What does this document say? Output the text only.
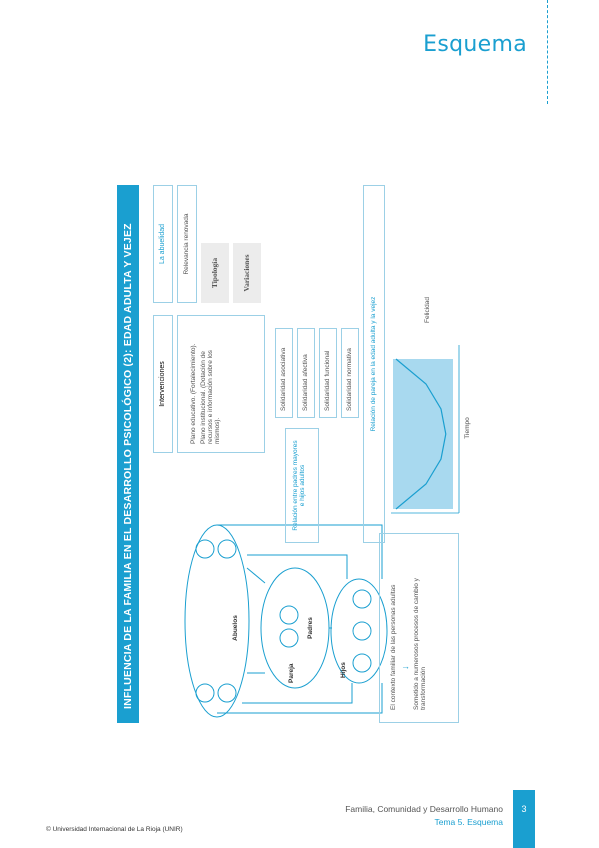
Esquema
INFLUENCIA DE LA FAMILIA EN EL DESARROLLO PSICOLÓGICO (2): EDAD ADULTA Y VEJEZ	Abuelos	Padres
Pareja	Hijos	El contexto familiar de las personas adultas ↓ Sometido a numerosos procesos de cambio y transformación
Intervenciones	Plano educativo. (Fortalecimiento). Plano institucional. (Dotación de recursos e información sobre los mismos).
La abuelidad	Relevancia renovada	Tipología	Variaciones
Relación entre padres mayores e hijos adultos
Solidaridad asociativa	Solidaridad afectiva	Solidaridad funcional	Solidaridad normativa	Relación de pareja en la edad adulta y la vejez	Tiempo
Felicidad
Familia, Comunidad y Desarrollo Humano
Tema 5. Esquema
3
© Universidad Internacional de La Rioja (UNIR)
